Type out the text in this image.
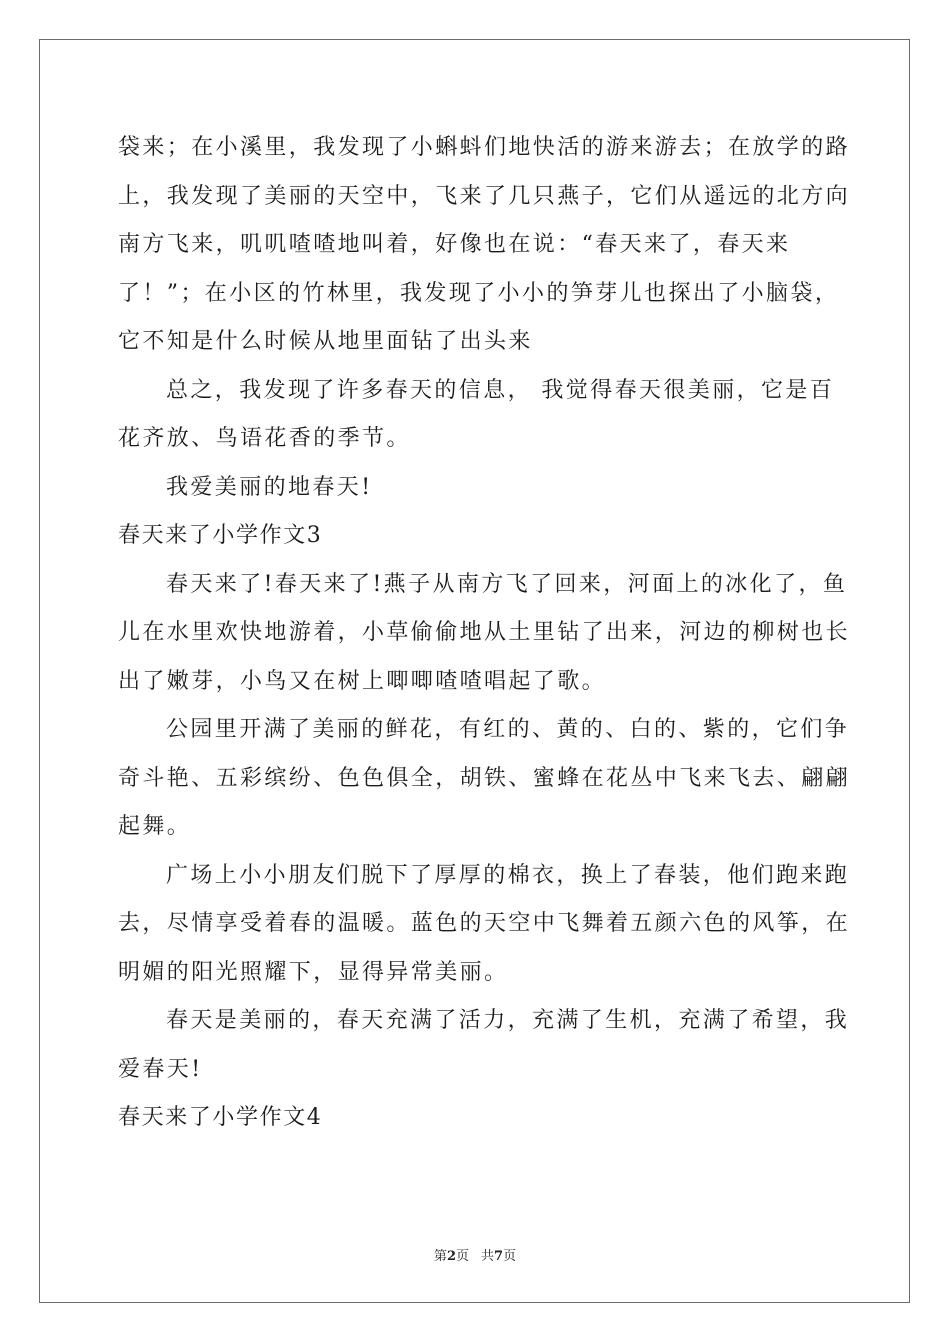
袋来；在小溪里，我发现了小蝌蚪们地快活的游来游去；在放学的路
上，我发现了美丽的天空中，飞来了几只燕子，它们从遥远的北方向
南方飞来，叽叽喳喳地叫着，好像也在说：“春天来了，春天来
了！”；在小区的竹林里，我发现了小小的笋芽儿也探出了小脑袋，
它不知是什么时候从地里面钻了出头来
总之，我发现了许多春天的信息， 我觉得春天很美丽，它是百
花齐放、鸟语花香的季节。
我爱美丽的地春天!
春天来了小学作文3
春天来了!春天来了!燕子从南方飞了回来，河面上的冰化了，鱼
儿在水里欢快地游着，小草偷偷地从土里钻了出来，河边的柳树也长
出了嫩芽，小鸟又在树上唧唧喳喳唱起了歌。
公园里开满了美丽的鲜花，有红的、黄的、白的、紫的，它们争
奇斗艳、五彩缤纷、色色俱全，胡铁、蜜蜂在花丛中飞来飞去、翩翩
起舞。
广场上小小朋友们脱下了厚厚的棉衣，换上了春装，他们跑来跑
去，尽情享受着春的温暖。蓝色的天空中飞舞着五颜六色的风筝，在
明媚的阳光照耀下，显得异常美丽。
春天是美丽的，春天充满了活力，充满了生机，充满了希望，我
爱春天!
春天来了小学作文4
第2页 共7页
